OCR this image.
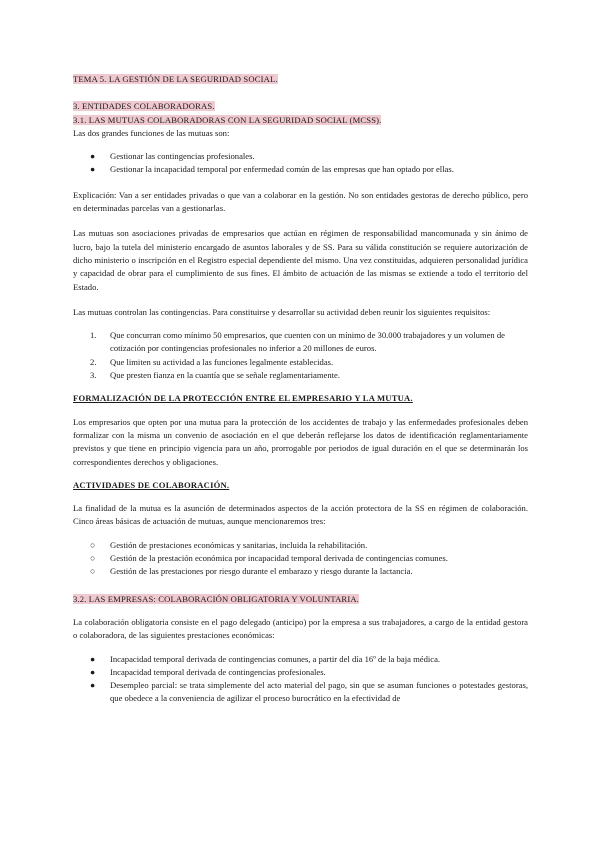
TEMA 5. LA GESTIÓN DE LA SEGURIDAD SOCIAL.
3. ENTIDADES COLABORADORAS.
3.1. LAS MUTUAS COLABORADORAS CON LA SEGURIDAD SOCIAL (MCSS).

Las dos grandes funciones de las mutuas son:

●	Gestionar las contingencias profesionales.
●	Gestionar la incapacidad temporal por enfermedad común de las empresas que han optado por ellas.

Explicación: Van a ser entidades privadas o que van a colaborar en la gestión. No son entidades gestoras de derecho público, pero en determinadas parcelas van a gestionarlas.

Las mutuas son asociaciones privadas de empresarios que actúan en régimen de responsabilidad mancomunada y sin ánimo de lucro, bajo la tutela del ministerio encargado de asuntos laborales y de SS. Para su válida constitución se requiere autorización de dicho ministerio o inscripción en el Registro especial dependiente del mismo. Una vez constituidas, adquieren personalidad jurídica y capacidad de obrar para el cumplimiento de sus fines. El ámbito de actuación de las mismas se extiende a todo el territorio del Estado.

Las mutuas controlan las contingencias. Para constituirse y desarrollar su actividad deben reunir los siguientes requisitos:

1.	Que concurran como mínimo 50 empresarios, que cuenten con un mínimo de 30.000 trabajadores y un volumen de cotización por contingencias profesionales no inferior a 20 millones de euros.
2.	Que limiten su actividad a las funciones legalmente establecidas.
3.	Que presten fianza en la cuantía que se señale reglamentariamente.

FORMALIZACIÓN DE LA PROTECCIÓN ENTRE EL EMPRESARIO Y LA MUTUA.

Los empresarios que opten por una mutua para la protección de los accidentes de trabajo y las enfermedades profesionales deben formalizar con la misma un convenio de asociación en el que deberán reflejarse los datos de identificación reglamentariamente previstos y que tiene en principio vigencia para un año, prorrogable por periodos de igual duración en el que se determinarán los correspondientes derechos y obligaciones.

ACTIVIDADES DE COLABORACIÓN.

La finalidad de la mutua es la asunción de determinados aspectos de la acción protectora de la SS en régimen de colaboración. Cinco áreas básicas de actuación de mutuas, aunque mencionaremos tres:

○	Gestión de prestaciones económicas y sanitarias, incluida la rehabilitación.
○	Gestión de la prestación económica por incapacidad temporal derivada de contingencias comunes.
○	Gestión de las prestaciones por riesgo durante el embarazo y riesgo durante la lactancia.
3.2. LAS EMPRESAS: COLABORACIÓN OBLIGATORIA Y VOLUNTARIA.

La colaboración obligatoria consiste en el pago delegado (anticipo) por la empresa a sus trabajadores, a cargo de la entidad gestora o colaboradora, de las siguientes prestaciones económicas:

●	Incapacidad temporal derivada de contingencias comunes, a partir del día 16º de la baja médica.
●	Incapacidad temporal derivada de contingencias profesionales.
●	Desempleo parcial: se trata simplemente del acto material del pago, sin que se asuman funciones o potestades gestoras, que obedece a la conveniencia de agilizar el proceso burocrático en la efectividad de
